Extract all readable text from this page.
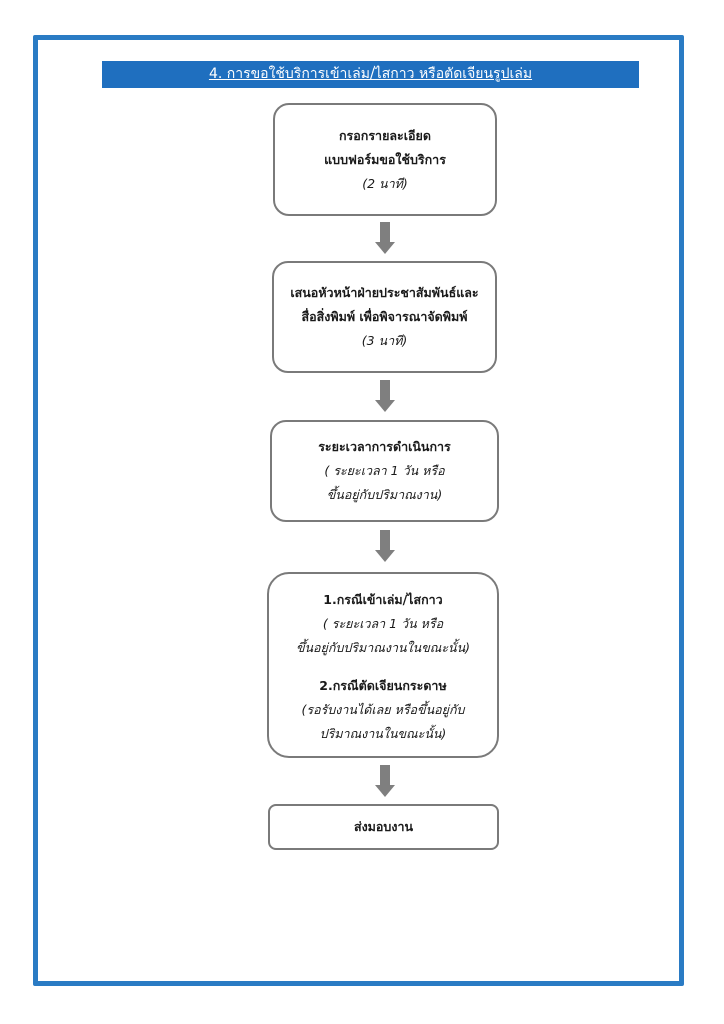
4. การขอใช้บริการเข้าเล่ม/ไสกาว หรือตัดเจียนรูปเล่ม
กรอกรายละเอียด
แบบฟอร์มขอใช้บริการ
(2 นาที)
เสนอหัวหน้าฝ่ายประชาสัมพันธ์และ
สื่อสิ่งพิมพ์ เพื่อพิจารณาจัดพิมพ์
(3 นาที)
ระยะเวลาการดำเนินการ
( ระยะเวลา 1 วัน หรือ
ขึ้นอยู่กับปริมาณงาน)
1.กรณีเข้าเล่ม/ไสกาว
( ระยะเวลา 1 วัน หรือ
ขึ้นอยู่กับปริมาณงานในขณะนั้น)
2.กรณีตัดเจียนกระดาษ
(รอรับงานได้เลย หรือขึ้นอยู่กับ
ปริมาณงานในขณะนั้น)
ส่งมอบงาน
